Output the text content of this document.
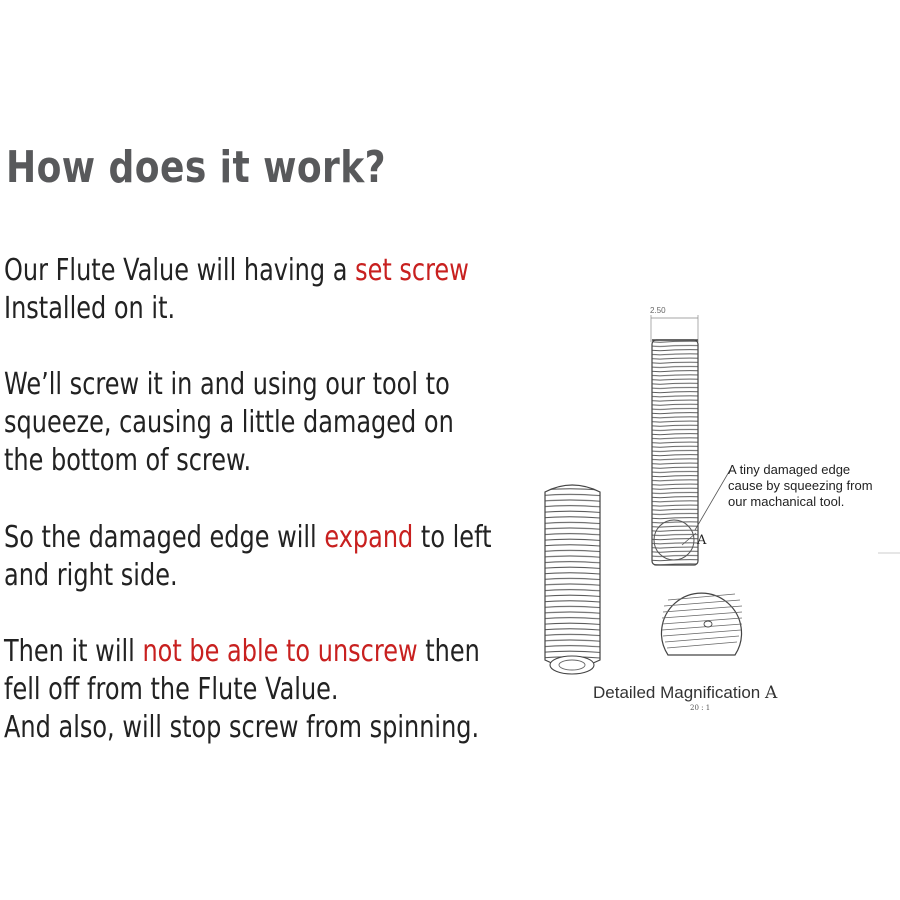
How does it work?
Our Flute Value will having a set screw
Installed on it.
We’ll screw it in and using our tool to
squeeze, causing a little damaged on
the bottom of screw.
So the damaged edge will expand to left
and right side.
Then it will not be able to unscrew then
fell off from the Flute Value.
And also, will stop screw from spinning.
2.50
A
A tiny damaged edge
cause by squeezing from
our machanical tool.
Detailed Magnification A
20 : 1
